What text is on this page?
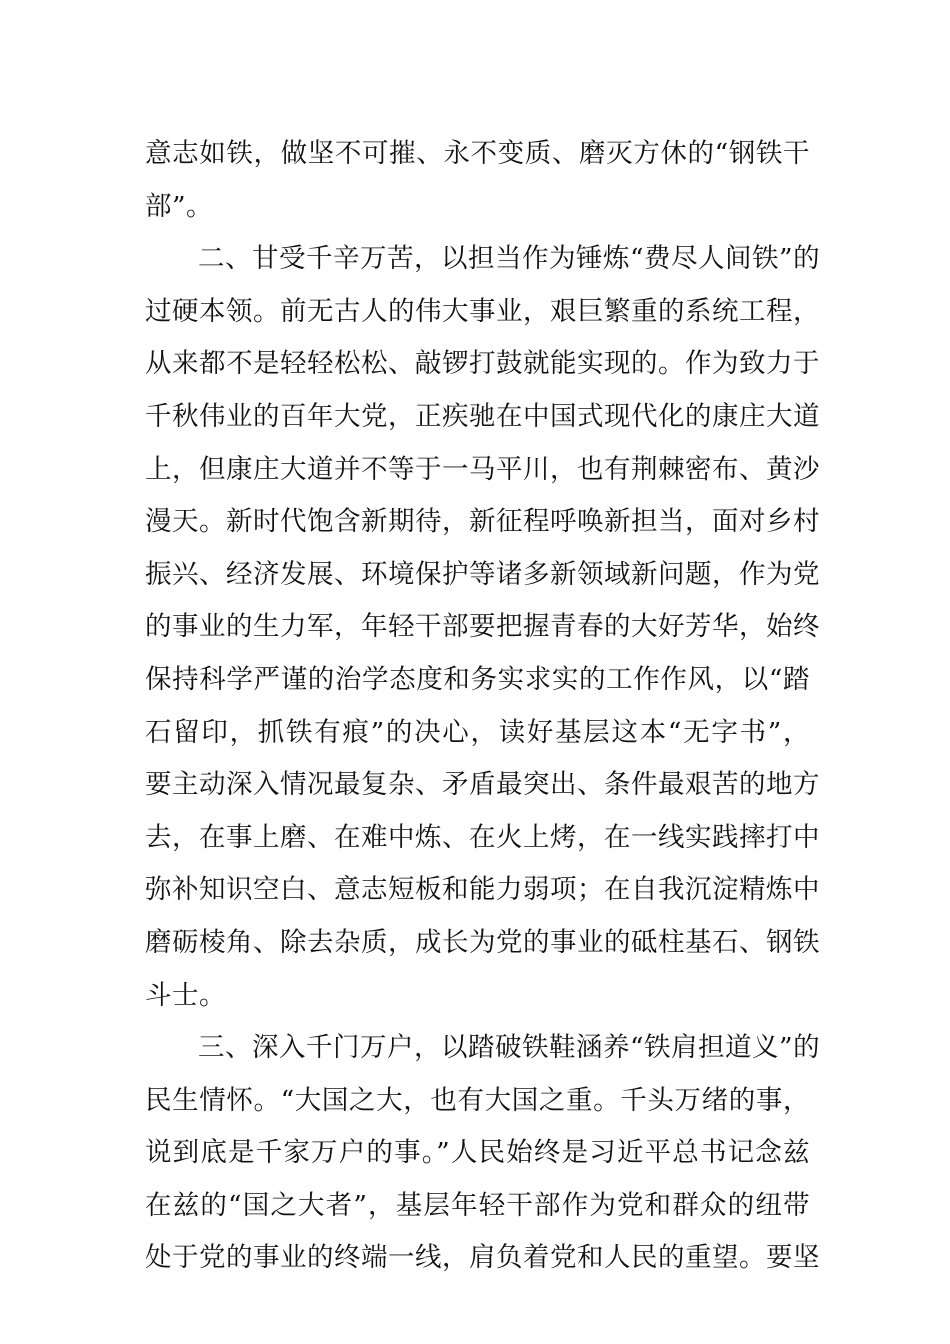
意志如铁，做坚不可摧、永不变质、磨灭方休的“钢铁干
部”。
二、甘受千辛万苦，以担当作为锤炼“费尽人间铁”的
过硬本领。前无古人的伟大事业，艰巨繁重的系统工程，
从来都不是轻轻松松、敲锣打鼓就能实现的。作为致力于
千秋伟业的百年大党，正疾驰在中国式现代化的康庄大道
上，但康庄大道并不等于一马平川，也有荆棘密布、黄沙
漫天。新时代饱含新期待，新征程呼唤新担当，面对乡村
振兴、经济发展、环境保护等诸多新领域新问题，作为党
的事业的生力军，年轻干部要把握青春的大好芳华，始终
保持科学严谨的治学态度和务实求实的工作作风，以“踏
石留印，抓铁有痕”的决心，读好基层这本“无字书”，
要主动深入情况最复杂、矛盾最突出、条件最艰苦的地方
去，在事上磨、在难中炼、在火上烤，在一线实践摔打中
弥补知识空白、意志短板和能力弱项；在自我沉淀精炼中
磨砺棱角、除去杂质，成长为党的事业的砥柱基石、钢铁
斗士。
三、深入千门万户，以踏破铁鞋涵养“铁肩担道义”的
民生情怀。“大国之大，也有大国之重。千头万绪的事，
说到底是千家万户的事。”人民始终是习近平总书记念兹
在兹的“国之大者”，基层年轻干部作为党和群众的纽带
处于党的事业的终端一线，肩负着党和人民的重望。要坚
